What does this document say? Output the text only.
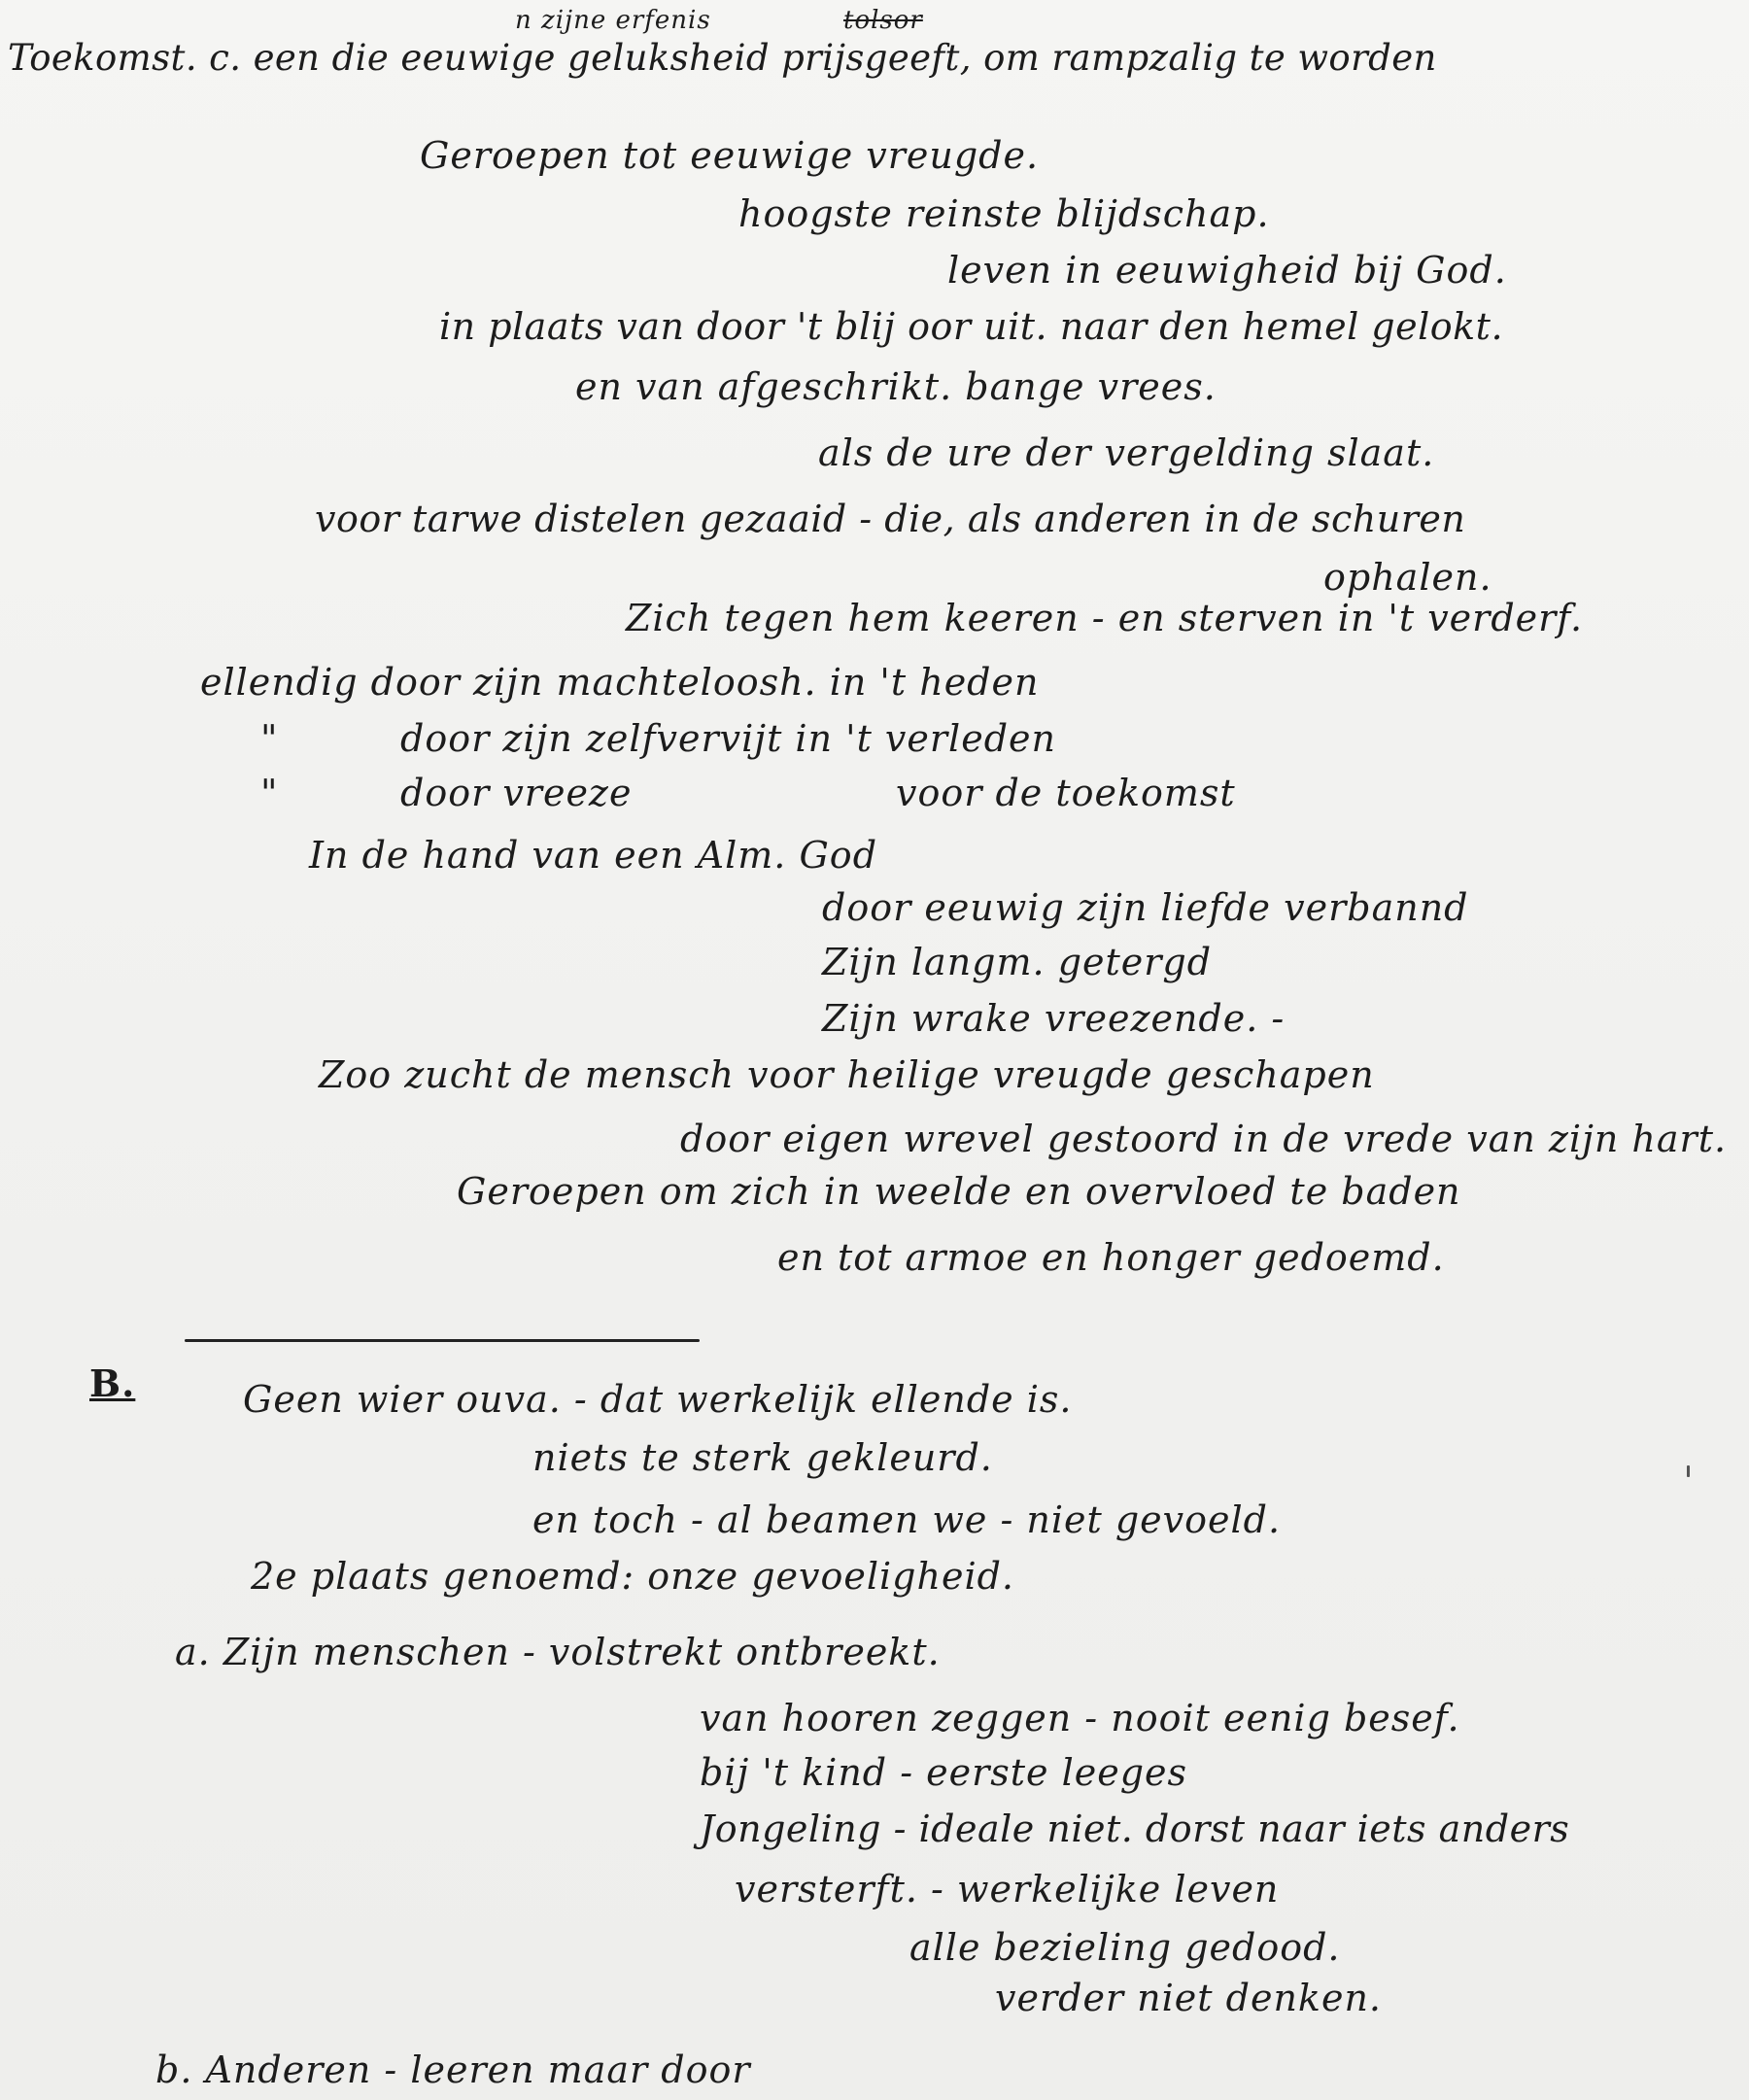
n zijne erfenis	tolsor
Toekomst. c. een die eeuwige geluksheid prijsgeeft, om rampzalig te worden
Geroepen tot eeuwige vreugde.
hoogste reinste blijdschap.
leven in eeuwigheid bij God.
in plaats van door 't blij oor uit. naar den hemel gelokt.
en van afgeschrikt. bange vrees.
als de ure der vergelding slaat.
voor tarwe distelen gezaaid - die, als anderen in de schuren
ophalen.
Zich tegen hem keeren - en sterven in 't verderf.
ellendig door zijn machteloosh. in 't heden
"	door zijn zelfvervijt in 't verleden
"	door vreeze	voor de toekomst
In de hand van een Alm. God
door eeuwig zijn liefde verbannd
Zijn langm. getergd
Zijn wrake vreezende. -
Zoo zucht de mensch voor heilige vreugde geschapen
door eigen wrevel gestoord in de vrede van zijn hart.
Geroepen om zich in weelde en overvloed te baden
en tot armoe en honger gedoemd.
B.	Geen wier ouva. - dat werkelijk ellende is.
niets te sterk gekleurd.
en toch - al beamen we - niet gevoeld.
2e plaats genoemd: onze gevoeligheid.
a. Zijn menschen - volstrekt ontbreekt.
van hooren zeggen - nooit eenig besef.
bij 't kind - eerste leeges
Jongeling - ideale niet. dorst naar iets anders
versterft. - werkelijke leven
alle bezieling gedood.
verder niet denken.
b. Anderen - leeren maar door
